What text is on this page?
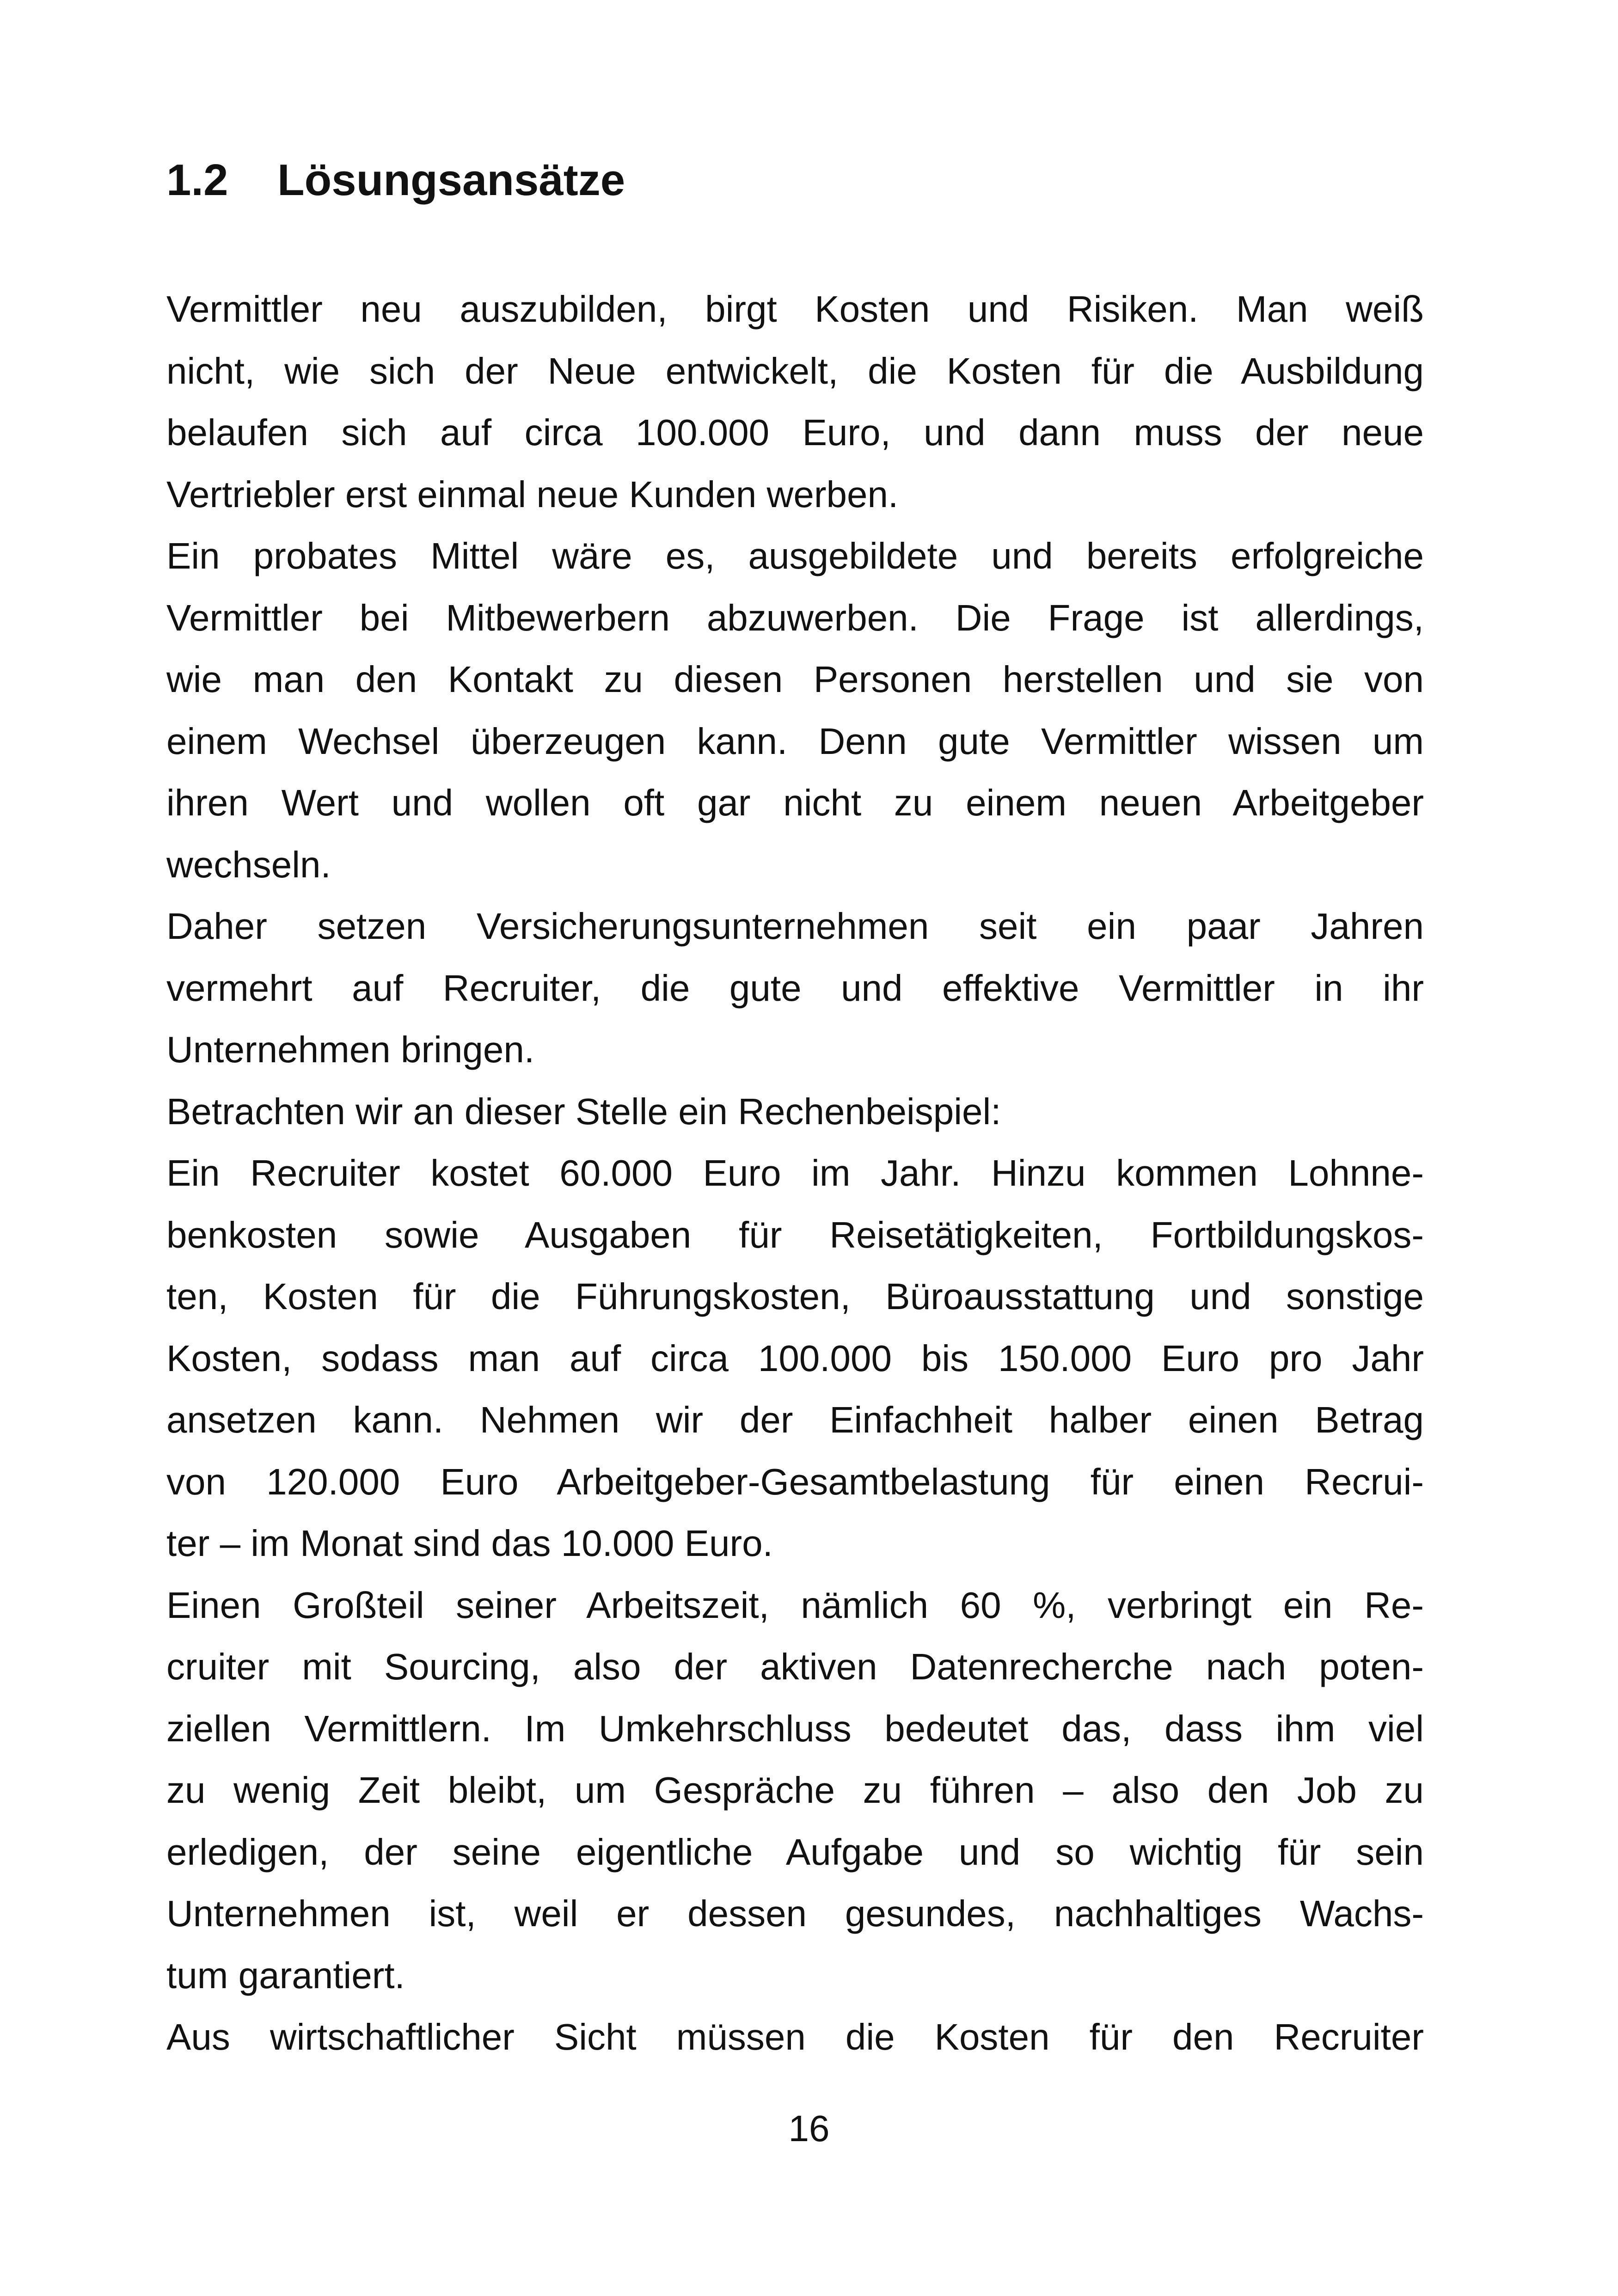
1.2 Lösungsansätze
Vermittler neu auszubilden, birgt Kosten und Risiken. Man weiß
nicht, wie sich der Neue entwickelt, die Kosten für die Ausbildung
belaufen sich auf circa 100.000 Euro, und dann muss der neue
Vertriebler erst einmal neue Kunden werben.
Ein probates Mittel wäre es, ausgebildete und bereits erfolgreiche
Vermittler bei Mitbewerbern abzuwerben. Die Frage ist allerdings,
wie man den Kontakt zu diesen Personen herstellen und sie von
einem Wechsel überzeugen kann. Denn gute Vermittler wissen um
ihren Wert und wollen oft gar nicht zu einem neuen Arbeitgeber
wechseln.
Daher setzen Versicherungsunternehmen seit ein paar Jahren
vermehrt auf Recruiter, die gute und effektive Vermittler in ihr
Unternehmen bringen.
Betrachten wir an dieser Stelle ein Rechenbeispiel:
Ein Recruiter kostet 60.000 Euro im Jahr. Hinzu kommen Lohnne-
benkosten sowie Ausgaben für Reisetätigkeiten, Fortbildungskos-
ten, Kosten für die Führungskosten, Büroausstattung und sonstige
Kosten, sodass man auf circa 100.000 bis 150.000 Euro pro Jahr
ansetzen kann. Nehmen wir der Einfachheit halber einen Betrag
von 120.000 Euro Arbeitgeber-Gesamtbelastung für einen Recrui-
ter – im Monat sind das 10.000 Euro.
Einen Großteil seiner Arbeitszeit, nämlich 60 %, verbringt ein Re-
cruiter mit Sourcing, also der aktiven Datenrecherche nach poten-
ziellen Vermittlern. Im Umkehrschluss bedeutet das, dass ihm viel
zu wenig Zeit bleibt, um Gespräche zu führen – also den Job zu
erledigen, der seine eigentliche Aufgabe und so wichtig für sein
Unternehmen ist, weil er dessen gesundes, nachhaltiges Wachs-
tum garantiert.
Aus wirtschaftlicher Sicht müssen die Kosten für den Recruiter
16
